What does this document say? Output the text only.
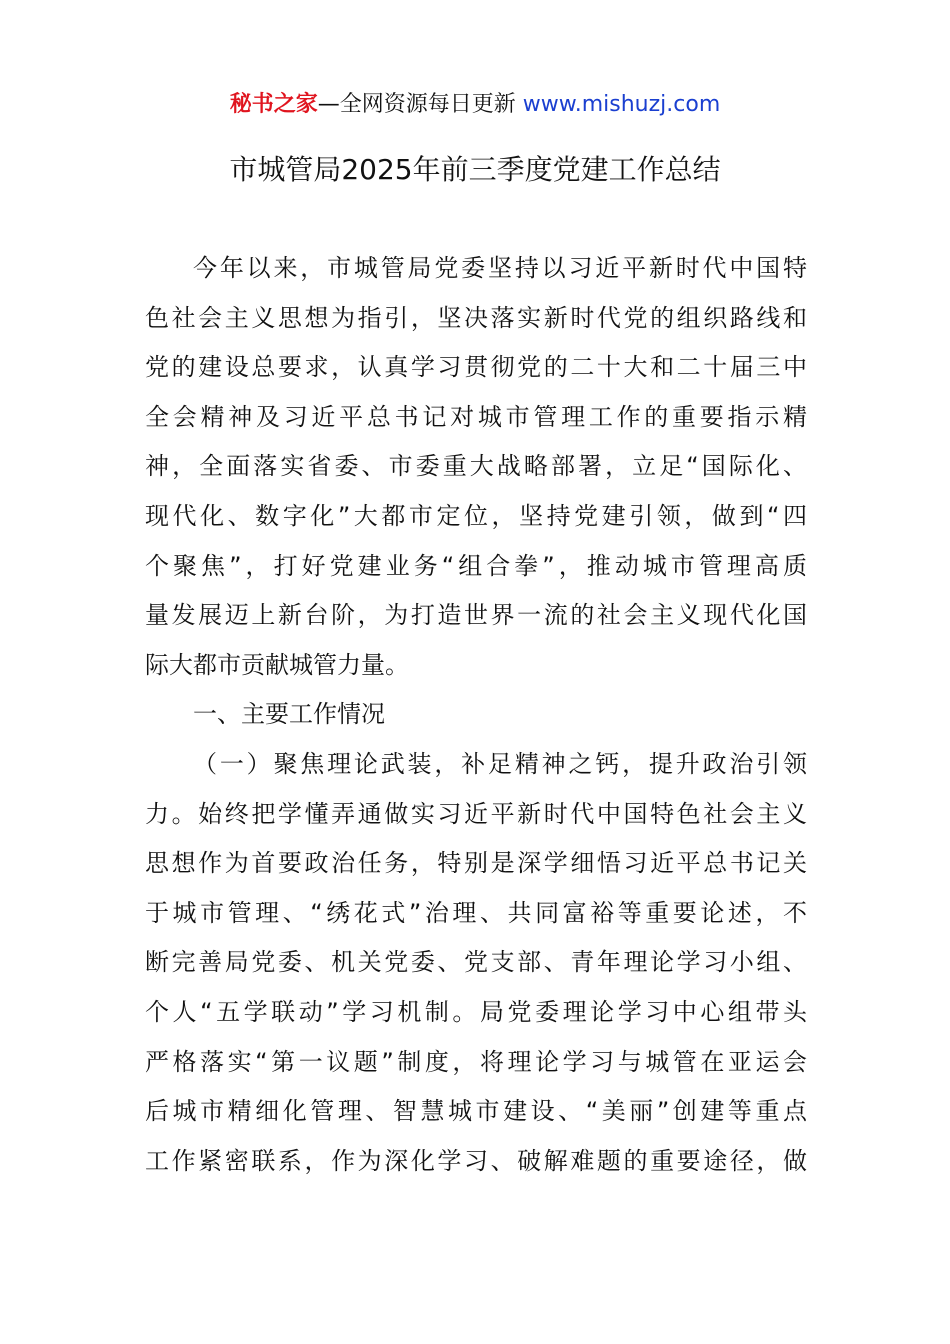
秘书之家—全网资源每日更新 www.mishuzj.com
市城管局2025年前三季度党建工作总结
今年以来，市城管局党委坚持以习近平新时代中国特
色社会主义思想为指引，坚决落实新时代党的组织路线和
党的建设总要求，认真学习贯彻党的二十大和二十届三中
全会精神及习近平总书记对城市管理工作的重要指示精
神，全面落实省委、市委重大战略部署，立足“国际化、
现代化、数字化”大都市定位，坚持党建引领，做到“四
个聚焦”，打好党建业务“组合拳”，推动城市管理高质
量发展迈上新台阶，为打造世界一流的社会主义现代化国
际大都市贡献城管力量。
一、主要工作情况
（一）聚焦理论武装，补足精神之钙，提升政治引领
力。始终把学懂弄通做实习近平新时代中国特色社会主义
思想作为首要政治任务，特别是深学细悟习近平总书记关
于城市管理、“绣花式”治理、共同富裕等重要论述，不
断完善局党委、机关党委、党支部、青年理论学习小组、
个人“五学联动”学习机制。局党委理论学习中心组带头
严格落实“第一议题”制度，将理论学习与城管在亚运会
后城市精细化管理、智慧城市建设、“美丽”创建等重点
工作紧密联系，作为深化学习、破解难题的重要途径，做
